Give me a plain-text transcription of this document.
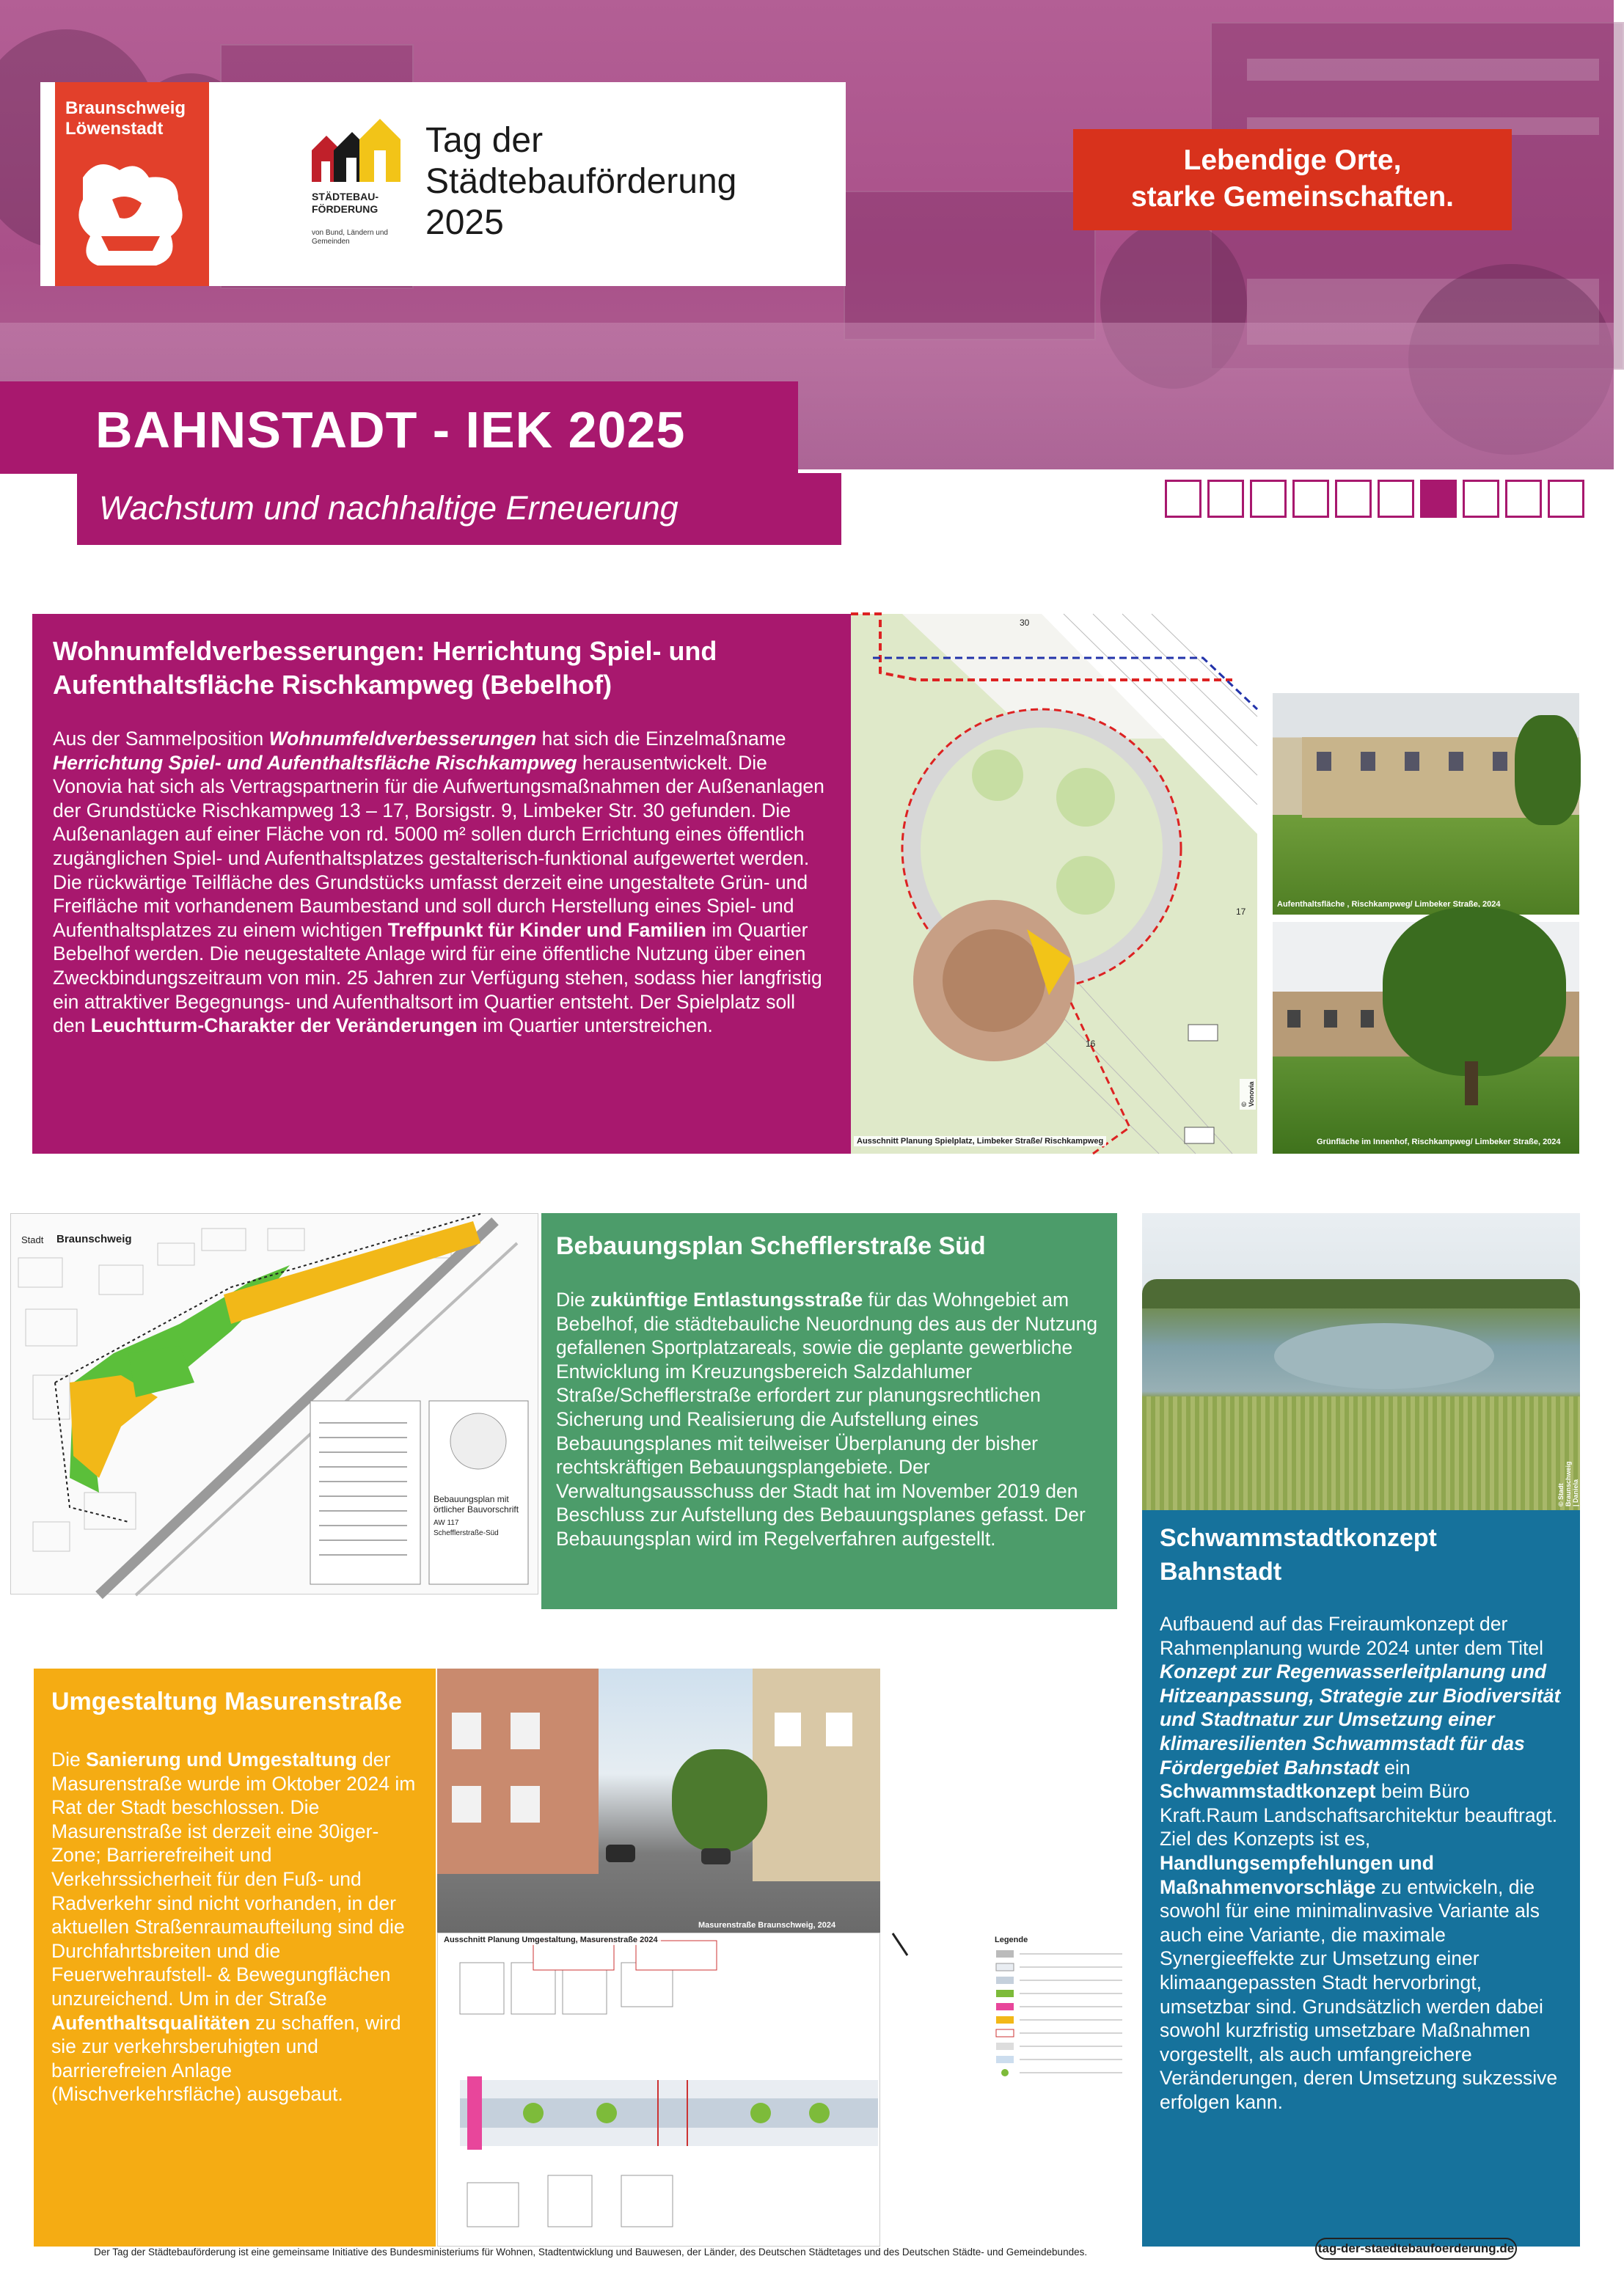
Braunschweig
Löwenstadt
STÄDTEBAU-
FÖRDERUNG
von Bund, Ländern und Gemeinden
Tag der
Städtebauförderung
2025
Lebendige Orte,
starke Gemeinschaften.
BAHNSTADT - IEK 2025
Wachstum und nachhaltige Erneuerung
Wohnumfeldverbesserungen: Herrichtung Spiel- und Aufenthaltsfläche Rischkampweg (Bebelhof)

Aus der Sammelposition Wohnumfeldverbesserungen hat sich die Einzelmaßname Herrichtung Spiel- und Aufenthaltsfläche Rischkampweg herausentwickelt. Die Vonovia hat sich als Vertragspartnerin für die Aufwertungsmaßnahmen der Außenanlagen der Grundstücke Rischkampweg 13 – 17, Borsigstr. 9, Limbeker Str. 30 gefunden. Die Außenanlagen auf einer Fläche von rd. 5000 m² sollen durch Errichtung eines öffentlich zugänglichen Spiel- und Aufenthaltsplatzes gestalterisch-funktional aufgewertet werden.

Die rückwärtige Teilfläche des Grundstücks umfasst derzeit eine ungestaltete Grün- und Freifläche mit vorhandenem Baumbestand und soll durch Herstellung eines Spiel- und Aufenthaltsplatzes zu einem wichtigen Treffpunkt für Kinder und Familien im Quartier Bebelhof werden. Die neugestaltete Anlage wird für eine öffentliche Nutzung über einen Zweckbindungszeitraum von min. 25 Jahren zur Verfügung stehen, sodass hier langfristig ein attraktiver Begegnungs- und Aufenthaltsort im Quartier entsteht. Der Spielplatz soll den Leuchtturm-Charakter der Veränderungen im Quartier unterstreichen.

30
17
16
Ausschnitt Planung Spielplatz, Limbeker Straße/ Rischkampweg
© Vonovia
Aufenthaltsfläche , Rischkampweg/ Limbeker Straße, 2024
Grünfläche im Innenhof, Rischkampweg/ Limbeker Straße, 2024
Stadt Braunschweig
Bebauungsplan mit örtlicher Bauvorschrift
AW 117
Schefflerstraße-Süd
Bebauungsplan Schefflerstraße Süd

Die zukünftige Entlastungsstraße für das Wohngebiet am Bebelhof, die städtebauliche Neuordnung des aus der Nutzung gefallenen Sportplatzareals, sowie die geplante gewerbliche Entwicklung im Kreuzungsbereich Salzdahlumer Straße/Schefflerstraße erfordert zur planungsrechtlichen Sicherung und Realisierung die Aufstellung eines Bebauungsplanes mit teilweiser Überplanung der bisher rechtskräftigen Bebauungsplangebiete. Der Verwaltungsausschuss der Stadt hat im November 2019 den Beschluss zur Aufstellung des Bebauungsplanes gefasst. Der Bebauungsplan wird im Regelverfahren aufgestellt.

© Stadt Braunschweig | Daniela Nielsen
Schwammstadtkonzept Bahnstadt

Aufbauend auf das Freiraumkonzept der Rahmenplanung wurde 2024 unter dem Titel Konzept zur Regenwasserleitplanung und Hitzeanpassung, Strategie zur Biodiversität und Stadtnatur zur Umsetzung einer klimaresilienten Schwammstadt für das Fördergebiet Bahnstadt ein Schwammstadtkonzept beim Büro Kraft.Raum Landschaftsarchitektur beauftragt.

Ziel des Konzepts ist es, Handlungsempfehlungen und Maßnahmenvorschläge zu entwickeln, die sowohl für eine minimalinvasive Variante als auch eine Variante, die maximale Synergieeffekte zur Umsetzung einer klimaangepassten Stadt hervorbringt, umsetzbar sind. Grundsätzlich werden dabei sowohl kurzfristig umsetzbare Maßnahmen vorgestellt, als auch umfangreichere Veränderungen, deren Umsetzung sukzessive erfolgen kann.

Umgestaltung Masurenstraße

Die Sanierung und Umgestaltung der Masurenstraße wurde im Oktober 2024 im Rat der Stadt beschlossen. Die Masurenstraße ist derzeit eine 30iger-Zone; Barrierefreiheit und Verkehrssicherheit für den Fuß- und Radverkehr sind nicht vorhanden, in der aktuellen Straßenraumaufteilung sind die Durchfahrtsbreiten und die Feuerwehraufstell- & Bewegungflächen unzureichend. Um in der Straße Aufenthaltsqualitäten zu schaffen, wird sie zur verkehrsberuhigten und barrierefreien Anlage (Mischverkehrsfläche) ausgebaut.

Masurenstraße Braunschweig, 2024
Ausschnitt Planung Umgestaltung, Masurenstraße 2024	Legende
Der Tag der Städtebauförderung ist eine gemeinsame Initiative des Bundesministeriums für Wohnen, Stadtentwicklung und Bauwesen, der Länder, des Deutschen Städtetages und des Deutschen Städte- und Gemeindebundes.	tag-der-staedtebaufoerderung.de
